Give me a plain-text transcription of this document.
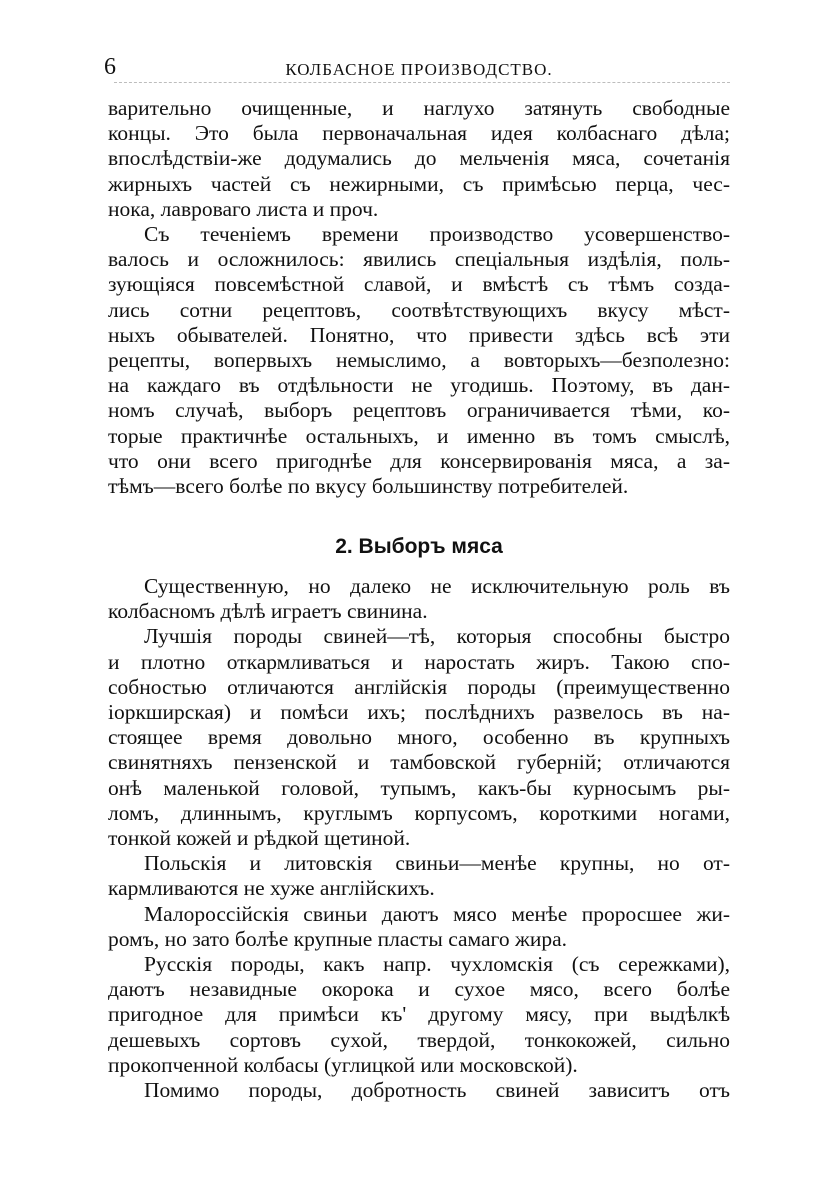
6	КОЛБАСНОЕ ПРОИЗВОДСТВО.
варительно очищенные, и наглухо затянуть свободные
концы. Это была первоначальная идея колбаснаго дѣла;
впослѣдствіи-же додумались до мельченія мяса, сочетанія
жирныхъ частей съ нежирными, съ примѣсью перца, чес-
нока, лавроваго листа и проч.
Съ теченіемъ времени производство усовершенство-
валось и осложнилось: явились спеціальныя издѣлія, поль-
зующіяся повсемѣстной славой, и вмѣстѣ съ тѣмъ созда-
лись сотни рецептовъ, соотвѣтствующихъ вкусу мѣст-
ныхъ обывателей. Понятно, что привести здѣсь всѣ эти
рецепты, вопервыхъ немыслимо, а вовторыхъ—безполезно:
на каждаго въ отдѣльности не угодишь. Поэтому, въ дан-
номъ случаѣ, выборъ рецептовъ ограничивается тѣми, ко-
торые практичнѣе остальныхъ, и именно въ томъ смыслѣ,
что они всего пригоднѣе для консервированія мяса, а за-
тѣмъ—всего болѣе по вкусу большинству потребителей.
2. Выборъ мяса
Существенную, но далеко не исключительную роль въ
колбасномъ дѣлѣ играетъ свинина.
Лучшія породы свиней—тѣ, которыя способны быстро
и плотно откармливаться и наростать жиръ. Такою спо-
собностью отличаются англійскія породы (преимущественно
іоркширская) и помѣси ихъ; послѣднихъ развелось въ на-
стоящее время довольно много, особенно въ крупныхъ
свинятняхъ пензенской и тамбовской губерній; отличаются
онѣ маленькой головой, тупымъ, какъ-бы курносымъ ры-
ломъ, длиннымъ, круглымъ корпусомъ, короткими ногами,
тонкой кожей и рѣдкой щетиной.
Польскія и литовскія свиньи—менѣе крупны, но от-
кармливаются не хуже англійскихъ.
Малороссійскія свиньи даютъ мясо менѣе проросшее жи-
ромъ, но зато болѣе крупные пласты самаго жира.
Русскія породы, какъ напр. чухломскія (съ сережками),
даютъ незавидные окорока и сухое мясо, всего болѣе
пригодное для примѣси къ' другому мясу, при выдѣлкѣ
дешевыхъ сортовъ сухой, твердой, тонкокожей, сильно
прокопченной колбасы (углицкой или московской).
Помимо породы, добротность свиней зависитъ отъ
